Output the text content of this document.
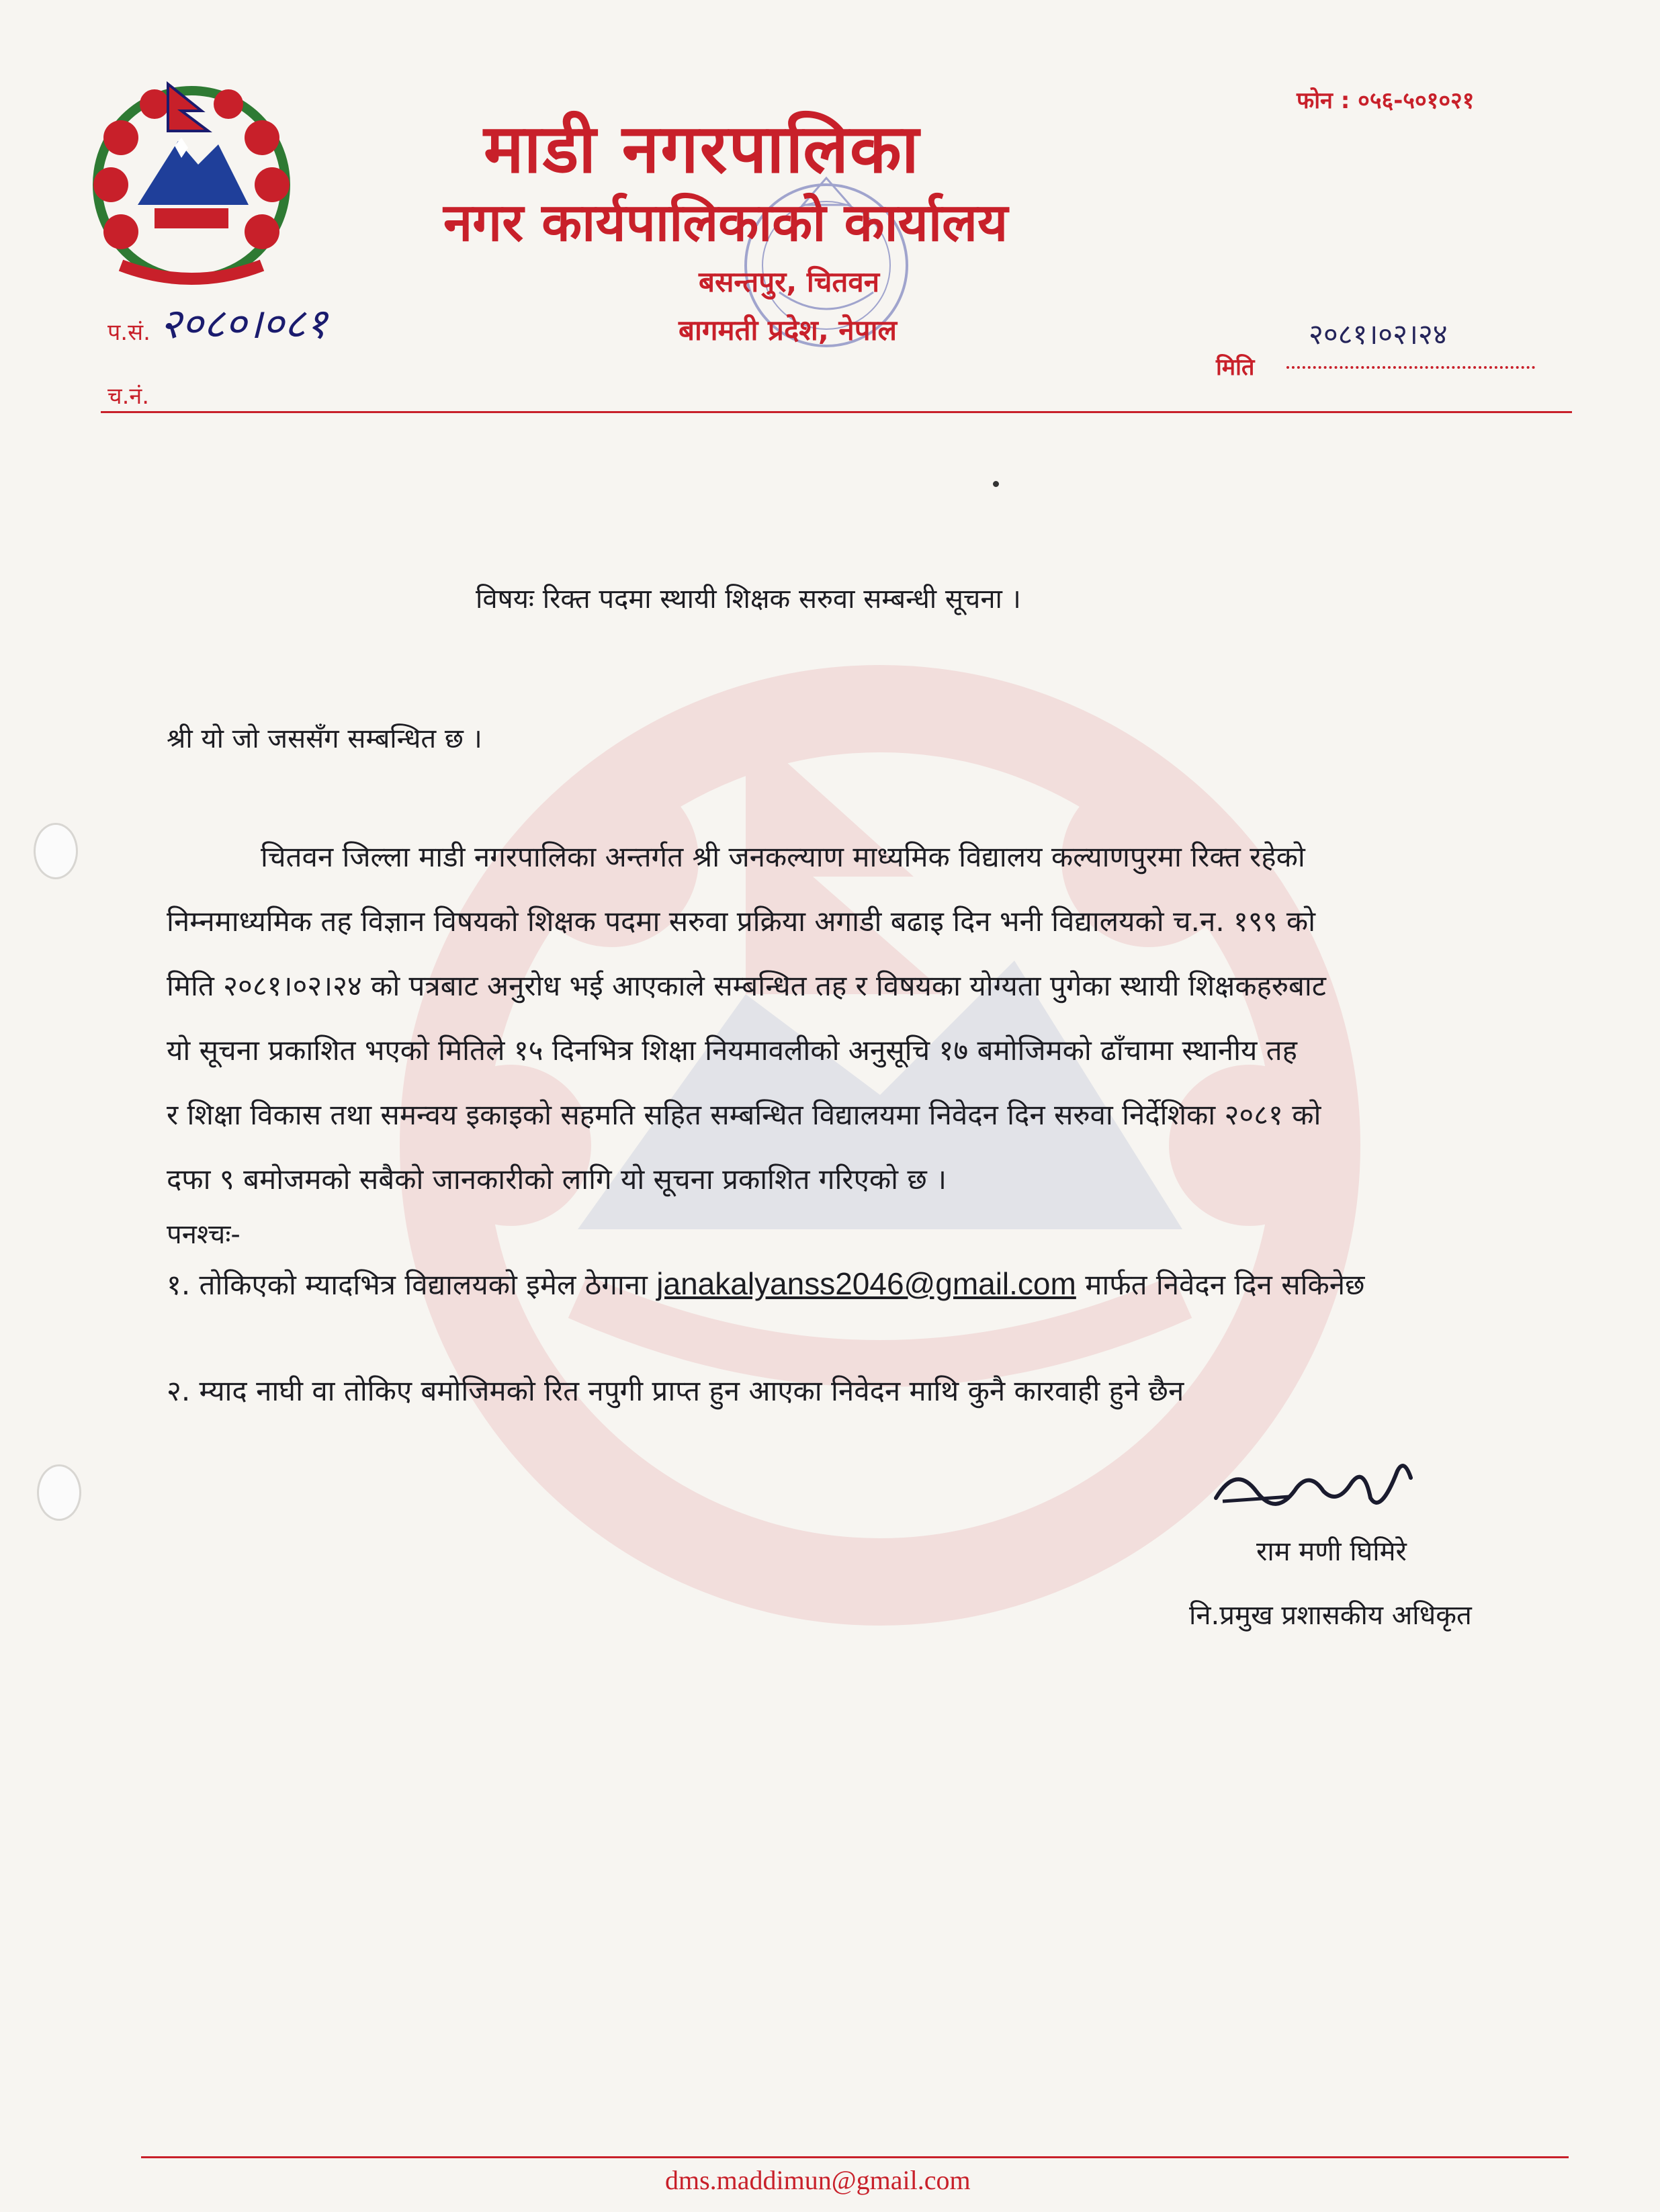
माडी नगरपालिका
नगर कार्यपालिकाको कार्यालय
बसन्तपुर, चितवन
बागमती प्रदेश, नेपाल
फोन : ०५६-५०१०२१
प.सं. २०८०।०८१
च.नं.
२०८१।०२।२४
मिति
विषयः रिक्त पदमा स्थायी शिक्षक सरुवा सम्बन्धी सूचना ।
श्री यो जो जससँग सम्बन्धित छ ।
चितवन जिल्ला माडी नगरपालिका अन्तर्गत श्री जनकल्याण माध्यमिक विद्यालय कल्याणपुरमा रिक्त रहेको
निम्नमाध्यमिक तह विज्ञान विषयको शिक्षक पदमा सरुवा प्रक्रिया अगाडी बढाइ दिन भनी विद्यालयको च.न. १९९ को
मिति २०८१।०२।२४ को पत्रबाट अनुरोध भई आएकाले सम्बन्धित तह र विषयका योग्यता पुगेका स्थायी शिक्षकहरुबाट
यो सूचना प्रकाशित भएको मितिले १५ दिनभित्र शिक्षा नियमावलीको अनुसूचि १७ बमोजिमको ढाँचामा स्थानीय तह
र शिक्षा विकास तथा समन्वय इकाइको सहमति सहित सम्बन्धित विद्यालयमा निवेदन दिन सरुवा निर्देशिका २०८१ को
दफा ९ बमोजमको सबैको जानकारीको लागि यो सूचना प्रकाशित गरिएको छ ।
पनश्चः-
१. तोकिएको म्यादभित्र विद्यालयको इमेल ठेगाना janakalyanss2046@gmail.com मार्फत निवेदन दिन सकिनेछ
२. म्याद नाघी वा तोकिए बमोजिमको रित नपुगी प्राप्त हुन आएका निवेदन माथि कुनै कारवाही हुने छैन
राम मणी घिमिरे
नि.प्रमुख प्रशासकीय अधिकृत
dms.maddimun@gmail.com
